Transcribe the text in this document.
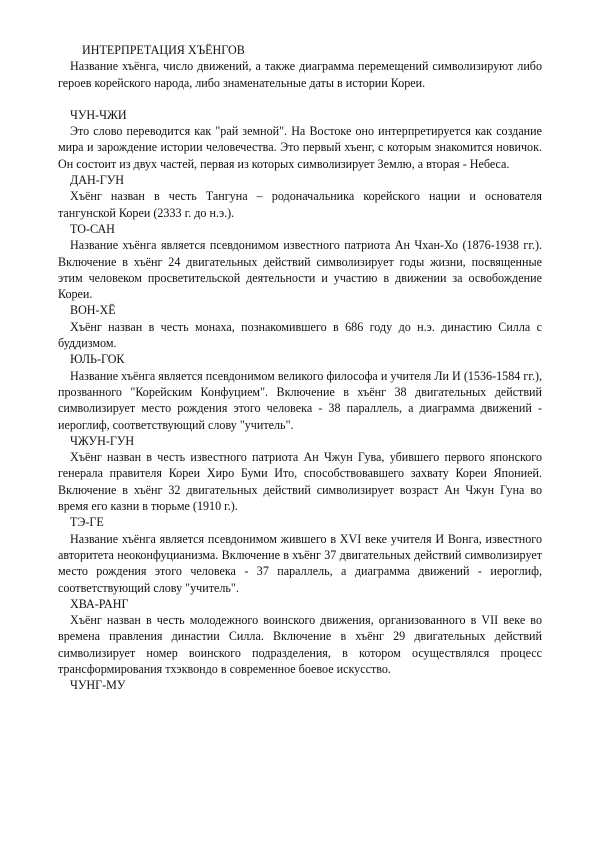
ИНТЕРПРЕТАЦИЯ ХЪЁНГОВ

Название хъёнга, число движений, а также диаграмма перемещений символизируют либо героев корейского народа, либо знаменательные даты в истории Кореи.

ЧУН-ЧЖИ

Это слово переводится как "рай земной". На Востоке оно интерпретируется как создание мира и зарождение истории человечества. Это первый хъенг, с которым знакомится новичок. Он состоит из двух частей, первая из которых символизирует Землю, а вторая - Небеса.

ДАН-ГУН

Хъёнг назван в честь Тангуна – родоначальника корейского нации и основателя тангунской Кореи (2333 г. до н.э.).

ТО-САН

Название хъёнга является псевдонимом известного патриота Ан Чхан-Хо (1876-1938 гг.). Включение в хъёнг 24 двигательных действий символизирует годы жизни, посвященные этим человеком просветительской деятельности и участию в движении за освобождение Кореи.

ВОН-ХЁ

Хъёнг назван в честь монаха, познакомившего в 686 году до н.э. династию Силла с буддизмом.

ЮЛЬ-ГОК

Название хъёнга является псевдонимом великого философа и учителя Ли И (1536-1584 гг.), прозванного "Корейским Конфуцием". Включение в хъёнг 38 двигательных действий символизирует место рождения этого человека - 38 параллель, а диаграмма движений - иероглиф, соответствующий слову "учитель".

ЧЖУН-ГУН

Хъёнг назван в честь известного патриота Ан Чжун Гува, убившего первого японского генерала правителя Кореи Хиро Буми Ито, способствовавшего захвату Кореи Японией. Включение в хъёнг 32 двигательных действий символизирует возраст Ан Чжун Гуна во время его казни в тюрьме (1910 г.).

ТЭ-ГЕ

Название хъёнга является псевдонимом жившего в XVI веке учителя И Вонга, известного авторитета неоконфуцианизма. Включение в хъёнг 37 двигательных действий символизирует место рождения этого человека - 37 параллель, а диаграмма движений - иероглиф, соответствующий слову "учитель".

ХВА-РАНГ

Хъёнг назван в честь молодежного воинского движения, организованного в VII веке во времена правления династии Силла. Включение в хъёнг 29 двигательных действий символизирует номер воинского подразделения, в котором осуществлялся процесс трансформирования тхэквондо в современное боевое искусство.

ЧУНГ-МУ
